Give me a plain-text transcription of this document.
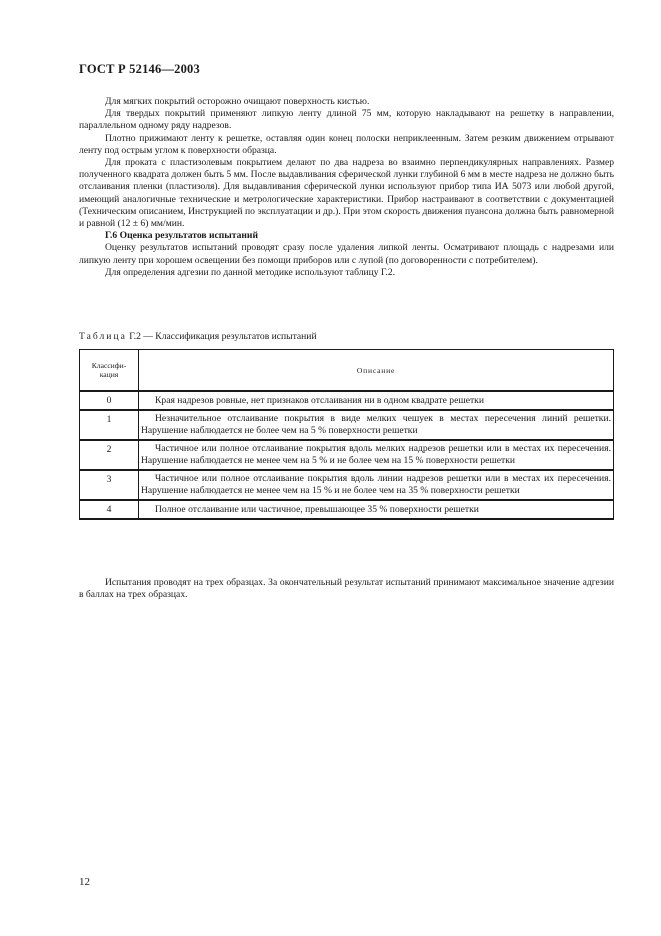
ГОСТ Р 52146—2003

Для мягких покрытий осторожно очищают поверхность кистью.

Для твердых покрытий применяют липкую ленту длиной 75 мм, которую накладывают на решетку в направлении, параллельном одному ряду надрезов.

Плотно прижимают ленту к решетке, оставляя один конец полоски неприклеенным. Затем резким движением отрывают ленту под острым углом к поверхности образца.

Для проката с пластизолевым покрытием делают по два надреза во взаимно перпендикулярных направлениях. Размер полученного квадрата должен быть 5 мм. После выдавливания сферической лунки глубиной 6 мм в месте надреза не должно быть отслаивания пленки (пластизоля). Для выдавливания сферической лунки используют прибор типа ИА 5073 или любой другой, имеющий аналогичные технические и метрологические характеристики. Прибор настраивают в соответствии с документацией (Техническим описанием, Инструкцией по эксплуатации и др.). При этом скорость движения пуансона должна быть равномерной и равной (12 ± 6) мм/мин.

Г.6 Оценка результатов испытаний

Оценку результатов испытаний проводят сразу после удаления липкой ленты. Осматривают площадь с надрезами или липкую ленту при хорошем освещении без помощи приборов или с лупой (по договоренности с потребителем).

Для определения адгезии по данной методике используют таблицу Г.2.

Таблица Г.2 — Классификация результатов испытаний
Классифи-
кация	Описание
0	Края надрезов ровные, нет признаков отслаивания ни в одном квадрате решетки
1	Незначительное отслаивание покрытия в виде мелких чешуек в местах пересечения линий решетки. Нарушение наблюдается не более чем на 5 % поверхности решетки
2	Частичное или полное отслаивание покрытия вдоль мелких надрезов решетки или в местах их пересечения. Нарушение наблюдается не менее чем на 5 % и не более чем на 15 % поверхности решетки
3	Частичное или полное отслаивание покрытия вдоль линии надрезов решетки или в местах их пересечения. Нарушение наблюдается не менее чем на 15 % и не более чем на 35 % поверхности решетки
4	Полное отслаивание или частичное, превышающее 35 % поверхности решетки

Испытания проводят на трех образцах. За окончательный результат испытаний принимают максимальное значение адгезии в баллах на трех образцах.

12
